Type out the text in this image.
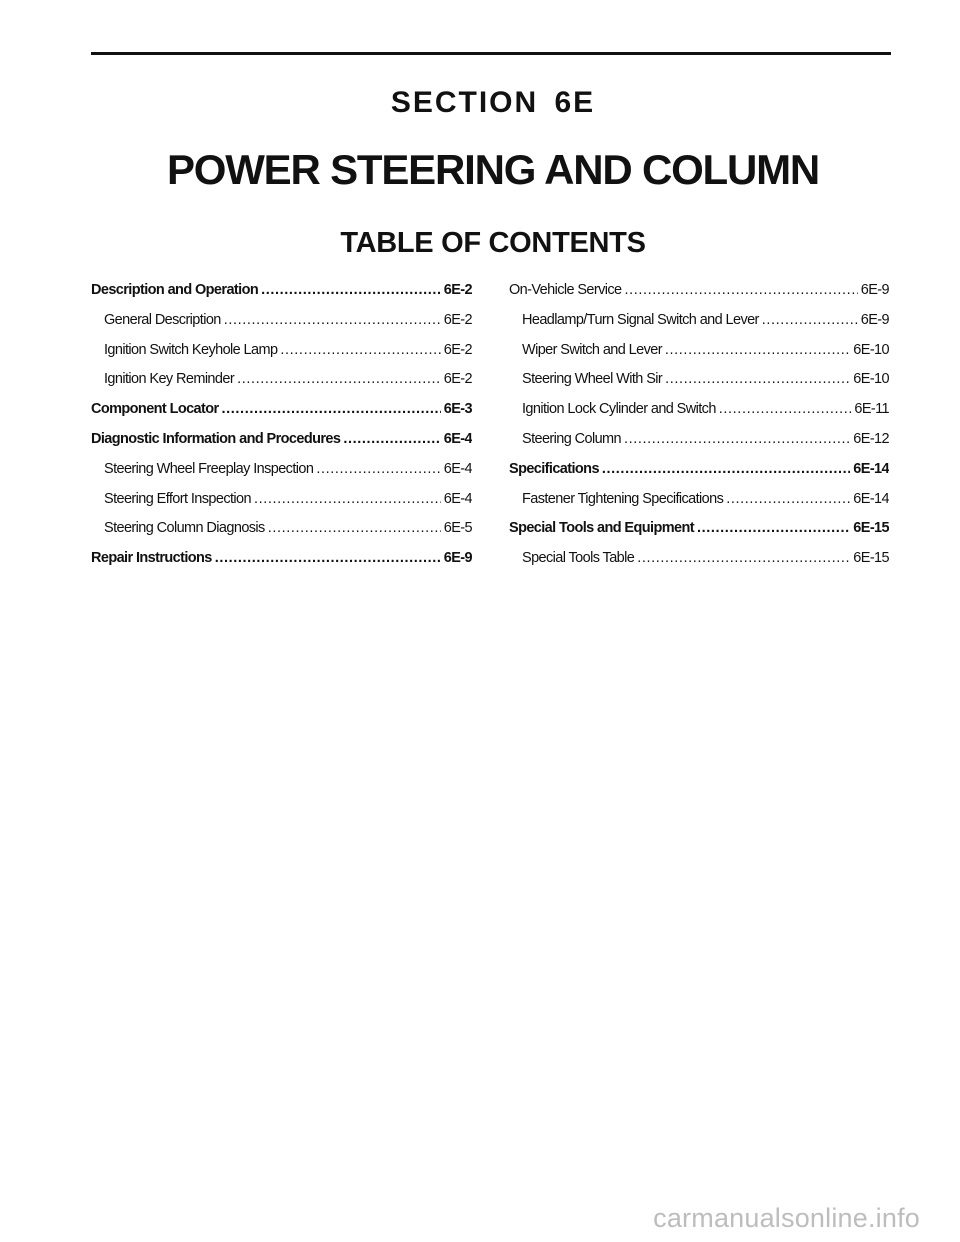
SECTION 6E
POWER STEERING AND COLUMN
TABLE OF CONTENTS
Description and Operation .....	6E-2
General Description .....	6E-2
Ignition Switch Keyhole Lamp .....	6E-2
Ignition Key Reminder .....	6E-2
Component Locator .....	6E-3
Diagnostic Information and Procedures .....	6E-4
Steering Wheel Freeplay Inspection .....	6E-4
Steering Effort Inspection .....	6E-4
Steering Column Diagnosis .....	6E-5
Repair Instructions .....	6E-9
On-Vehicle Service .....	6E-9
Headlamp/Turn Signal Switch and Lever .....	6E-9
Wiper Switch and Lever .....	6E-10
Steering Wheel With Sir .....	6E-10
Ignition Lock Cylinder and Switch .....	6E-11
Steering Column .....	6E-12
Specifications .....	6E-14
Fastener Tightening Specifications .....	6E-14
Special Tools and Equipment .....	6E-15
Special Tools Table .....	6E-15
carmanualsonline.info
